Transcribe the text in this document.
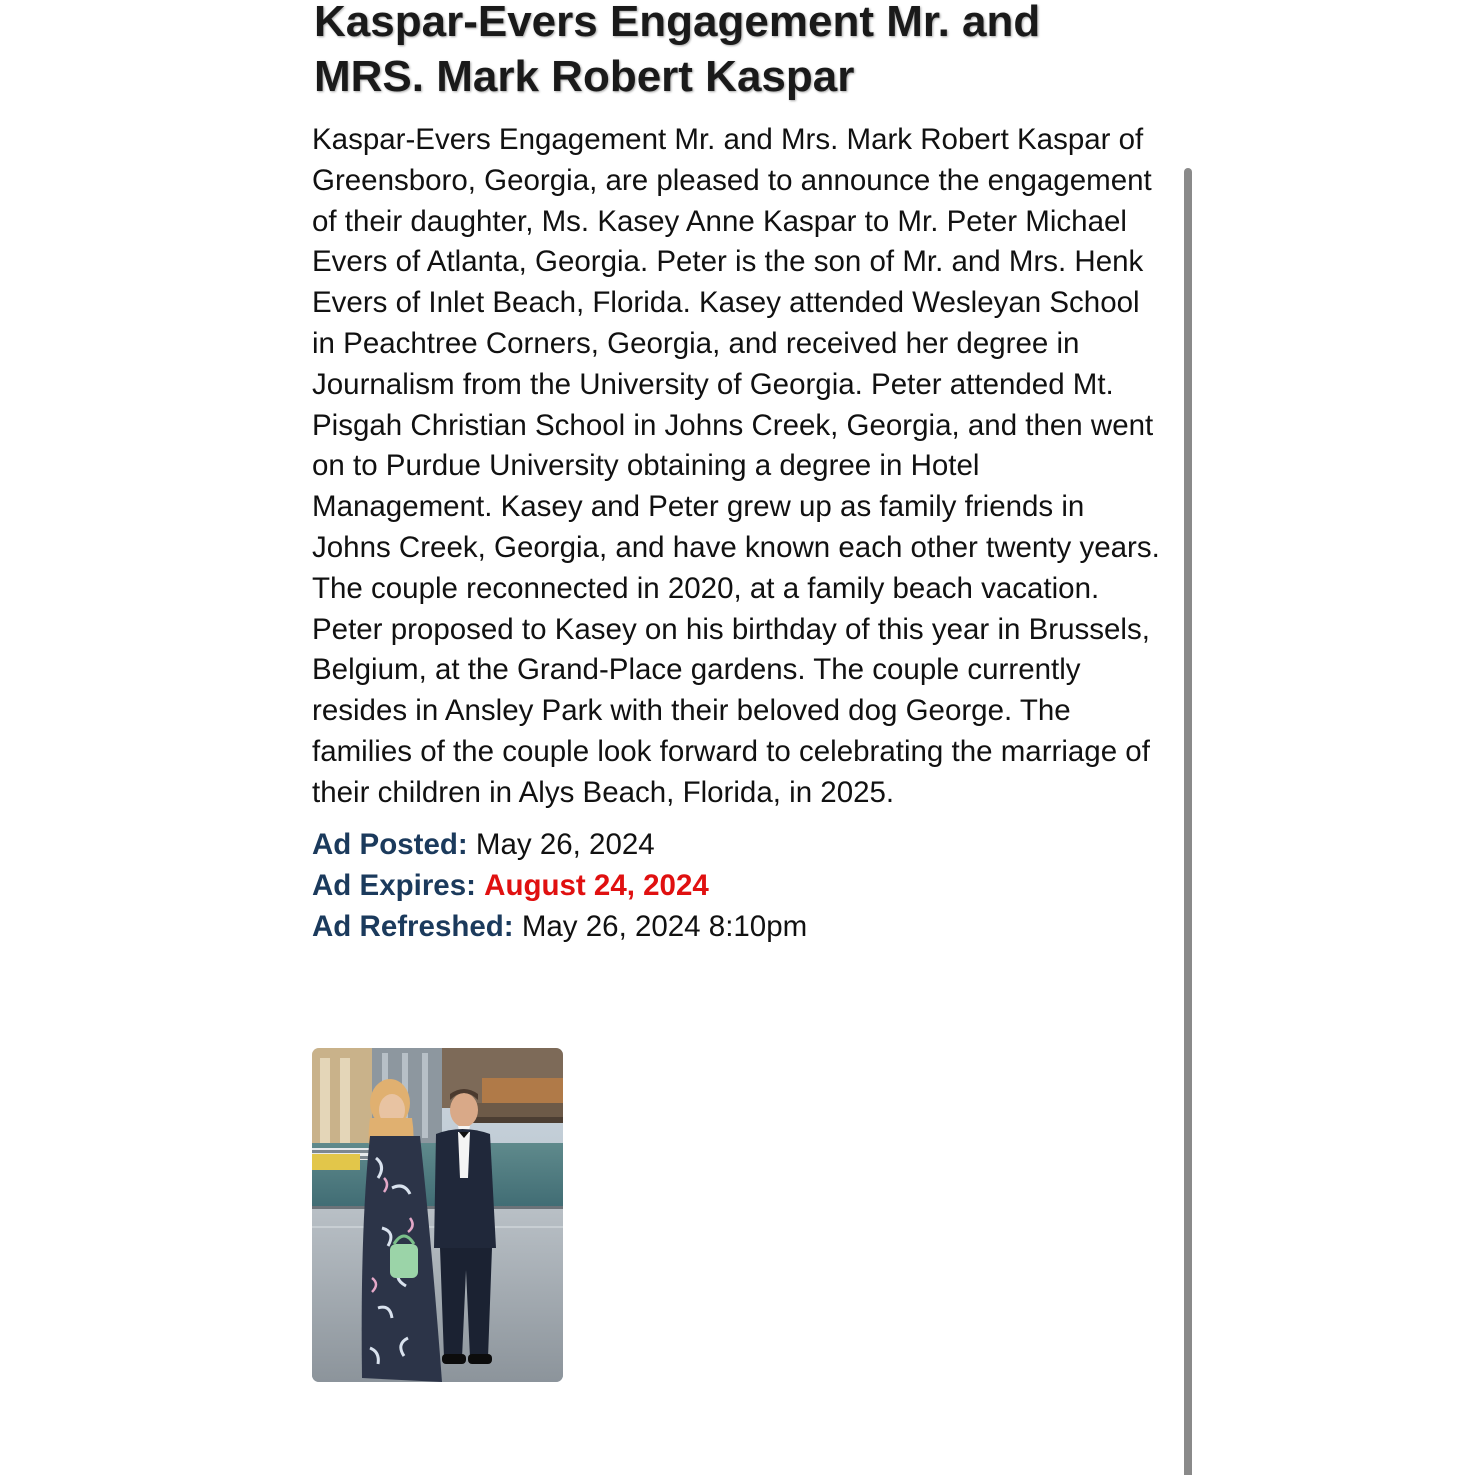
Kaspar-Evers Engagement Mr. and MRS. Mark Robert Kaspar

Kaspar-Evers Engagement Mr. and Mrs. Mark Robert Kaspar of Greensboro, Georgia, are pleased to announce the engagement of their daughter, Ms. Kasey Anne Kaspar to Mr. Peter Michael Evers of Atlanta, Georgia. Peter is the son of Mr. and Mrs. Henk Evers of Inlet Beach, Florida. Kasey attended Wesleyan School in Peachtree Corners, Georgia, and received her degree in Journalism from the University of Georgia. Peter attended Mt. Pisgah Christian School in Johns Creek, Georgia, and then went on to Purdue University obtaining a degree in Hotel Management. Kasey and Peter grew up as family friends in Johns Creek, Georgia, and have known each other twenty years. The couple reconnected in 2020, at a family beach vacation. Peter proposed to Kasey on his birthday of this year in Brussels, Belgium, at the Grand-Place gardens. The couple currently resides in Ansley Park with their beloved dog George. The families of the couple look forward to celebrating the marriage of their children in Alys Beach, Florida, in 2025.

Ad Posted: May 26, 2024
Ad Expires: August 24, 2024
Ad Refreshed: May 26, 2024 8:10pm
